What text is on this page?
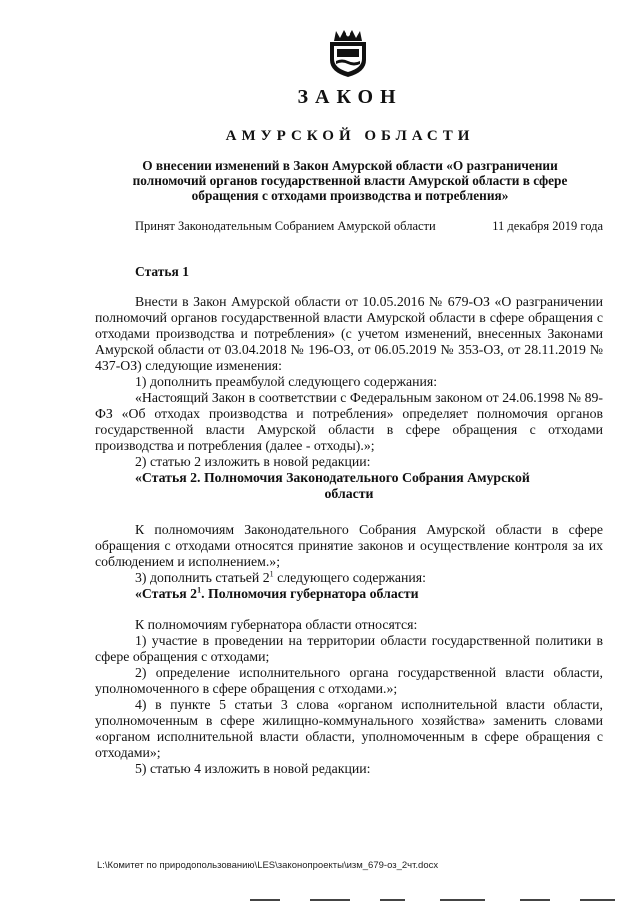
ЗАКОН
АМУРСКОЙ ОБЛАСТИ
О внесении изменений в Закон Амурской области «О разграничении
полномочий органов государственной власти Амурской области в сфере
обращения с отходами производства и потребления»
Принят Законодательным Собранием Амурской области	11 декабря 2019 года
Статья 1

Внести в Закон Амурской области от 10.05.2016 № 679-ОЗ «О разграничении полномочий органов государственной власти Амурской области в сфере обращения с отходами производства и потребления» (с учетом изменений, внесенных Законами Амурской области от 03.04.2018 № 196-ОЗ, от 06.05.2019 № 353-ОЗ, от 28.11.2019 № 437-ОЗ) следующие изменения:

1) дополнить преамбулой следующего содержания:

«Настоящий Закон в соответствии с Федеральным законом от 24.06.1998 № 89-ФЗ «Об отходах производства и потребления» определяет полномочия органов государственной власти Амурской области в сфере обращения с отходами производства и потребления (далее - отходы).»;

2) статью 2 изложить в новой редакции:

«Статья 2. Полномочия Законодательного Собрания Амурской

области

К полномочиям Законодательного Собрания Амурской области в сфере обращения с отходами относятся принятие законов и осуществление контроля за их соблюдением и исполнением.»;

3) дополнить статьей $2^1$ следующего содержания:

«Статья $2^1$. Полномочия губернатора области

К полномочиям губернатора области относятся:

1) участие в проведении на территории области государственной политики в сфере обращения с отходами;

2) определение исполнительного органа государственной власти области, уполномоченного в сфере обращения с отходами.»;

4) в пункте 5 статьи 3 слова «органом исполнительной власти области, уполномоченным в сфере жилищно-коммунального хозяйства» заменить словами «органом исполнительной власти области, уполномоченным в сфере обращения с отходами»;

5) статью 4 изложить в новой редакции:

L:\Комитет по природопользованию\LES\законопроекты\изм_679-оз_2чт.docx
